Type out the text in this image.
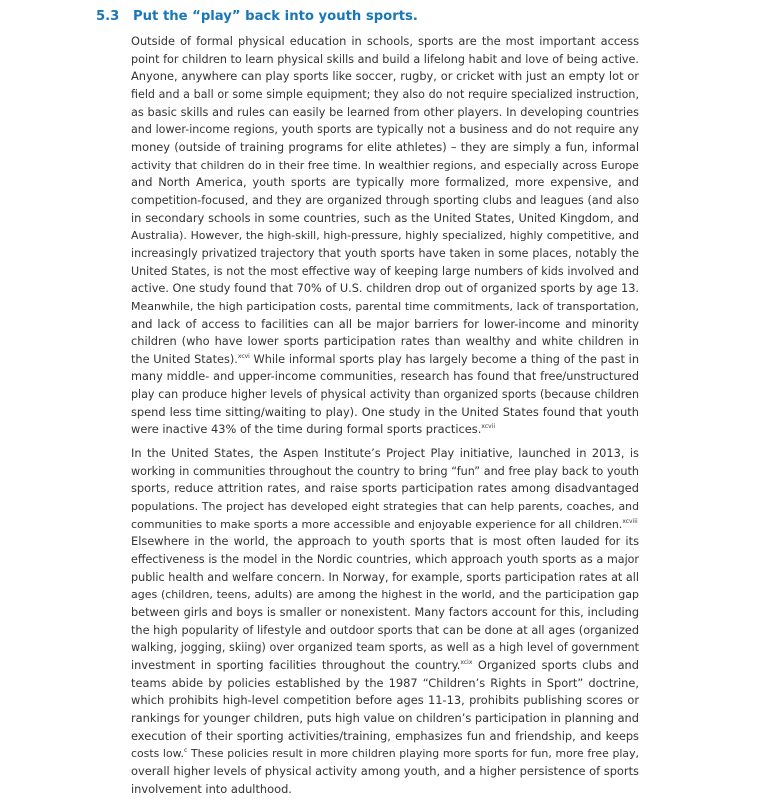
5.3 Put the “play” back into youth sports.
Outside of formal physical education in schools, sports are the most important access
point for children to learn physical skills and build a lifelong habit and love of being active.
Anyone, anywhere can play sports like soccer, rugby, or cricket with just an empty lot or
field and a ball or some simple equipment; they also do not require specialized instruction,
as basic skills and rules can easily be learned from other players. In developing countries
and lower-income regions, youth sports are typically not a business and do not require any
money (outside of training programs for elite athletes) – they are simply a fun, informal
activity that children do in their free time. In wealthier regions, and especially across Europe
and North America, youth sports are typically more formalized, more expensive, and
competition-focused, and they are organized through sporting clubs and leagues (and also
in secondary schools in some countries, such as the United States, United Kingdom, and
Australia). However, the high-skill, high-pressure, highly specialized, highly competitive, and
increasingly privatized trajectory that youth sports have taken in some places, notably the
United States, is not the most effective way of keeping large numbers of kids involved and
active. One study found that 70% of U.S. children drop out of organized sports by age 13.
Meanwhile, the high participation costs, parental time commitments, lack of transportation,
and lack of access to facilities can all be major barriers for lower-income and minority
children (who have lower sports participation rates than wealthy and white children in
the United States).$^{xcvi}$ While informal sports play has largely become a thing of the past in
many middle- and upper-income communities, research has found that free/unstructured
play can produce higher levels of physical activity than organized sports (because children
spend less time sitting/waiting to play). One study in the United States found that youth
were inactive 43% of the time during formal sports practices.$^{xcvii}$
In the United States, the Aspen Institute’s Project Play initiative, launched in 2013, is
working in communities throughout the country to bring “fun” and free play back to youth
sports, reduce attrition rates, and raise sports participation rates among disadvantaged
populations. The project has developed eight strategies that can help parents, coaches, and
communities to make sports a more accessible and enjoyable experience for all children.$^{xcviii}$
Elsewhere in the world, the approach to youth sports that is most often lauded for its
effectiveness is the model in the Nordic countries, which approach youth sports as a major
public health and welfare concern. In Norway, for example, sports participation rates at all
ages (children, teens, adults) are among the highest in the world, and the participation gap
between girls and boys is smaller or nonexistent. Many factors account for this, including
the high popularity of lifestyle and outdoor sports that can be done at all ages (organized
walking, jogging, skiing) over organized team sports, as well as a high level of government
investment in sporting facilities throughout the country.$^{xcix}$ Organized sports clubs and
teams abide by policies established by the 1987 “Children’s Rights in Sport” doctrine,
which prohibits high-level competition before ages 11-13, prohibits publishing scores or
rankings for younger children, puts high value on children’s participation in planning and
execution of their sporting activities/training, emphasizes fun and friendship, and keeps
costs low.$^c$ These policies result in more children playing more sports for fun, more free play,
overall higher levels of physical activity among youth, and a higher persistence of sports
involvement into adulthood.
